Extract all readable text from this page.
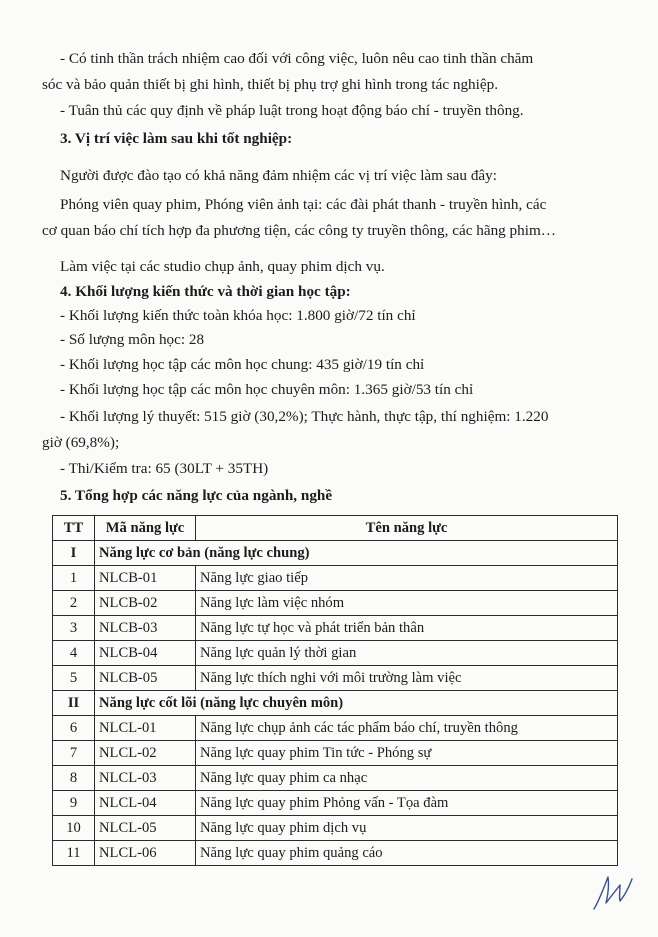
- Có tinh thần trách nhiệm cao đối với công việc, luôn nêu cao tinh thần chăm

sóc và bảo quản thiết bị ghi hình, thiết bị phụ trợ ghi hình trong tác nghiệp.

- Tuân thủ các quy định về pháp luật trong hoạt động báo chí - truyền thông.

3. Vị trí việc làm sau khi tốt nghiệp:

Người được đào tạo có khả năng đảm nhiệm các vị trí việc làm sau đây:

Phóng viên quay phim, Phóng viên ảnh tại: các đài phát thanh - truyền hình, các

cơ quan báo chí tích hợp đa phương tiện, các công ty truyền thông, các hãng phim…

Làm việc tại các studio chụp ảnh, quay phim dịch vụ.

4. Khối lượng kiến thức và thời gian học tập:

- Khối lượng kiến thức toàn khóa học: 1.800 giờ/72 tín chỉ

- Số lượng môn học: 28

- Khối lượng học tập các môn học chung: 435 giờ/19 tín chỉ

- Khối lượng học tập các môn học chuyên môn: 1.365 giờ/53 tín chỉ

- Khối lượng lý thuyết: 515 giờ (30,2%); Thực hành, thực tập, thí nghiệm: 1.220

giờ (69,8%);

- Thi/Kiểm tra: 65 (30LT + 35TH)

5. Tổng hợp các năng lực của ngành, nghề

TT	Mã năng lực	Tên năng lực
I	Năng lực cơ bản (năng lực chung)	
1	NLCB-01	Năng lực giao tiếp
2	NLCB-02	Năng lực làm việc nhóm
3	NLCB-03	Năng lực tự học và phát triển bản thân
4	NLCB-04	Năng lực quản lý thời gian
5	NLCB-05	Năng lực thích nghi với môi trường làm việc
II	Năng lực cốt lõi (năng lực chuyên môn)	
6	NLCL-01	Năng lực chụp ảnh các tác phẩm báo chí, truyền thông
7	NLCL-02	Năng lực quay phim Tin tức - Phóng sự
8	NLCL-03	Năng lực quay phim ca nhạc
9	NLCL-04	Năng lực quay phim Phỏng vấn - Tọa đàm
10	NLCL-05	Năng lực quay phim dịch vụ
11	NLCL-06	Năng lực quay phim quảng cáo
